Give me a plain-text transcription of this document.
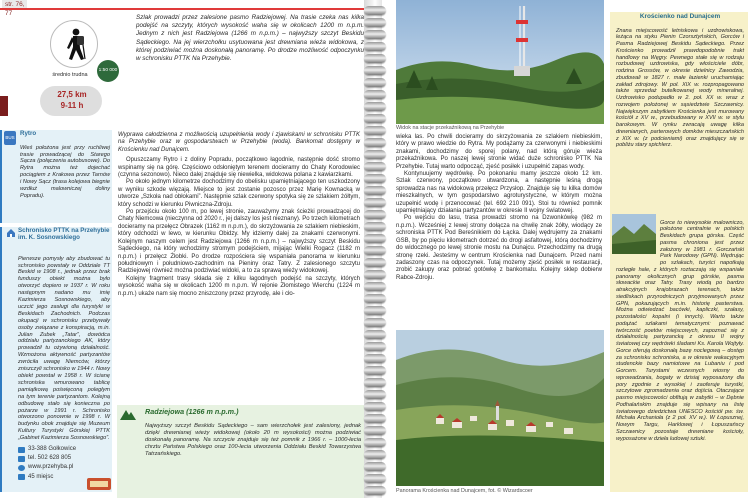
str. 76, 77
średnio trudna
1:50 000
27,5 km
9-11 h

Szlak prowadzi przez zalesione pasmo Radziejowej. Na trasie czeka nas kilka podejść na szczyty, których wysokość waha się w okolicach 1200 m n.p.m. Jednym z nich jest Radziejowa (1266 m n.p.m.) – najwyższy szczyt Beskidu Sądeckiego. Na jej wierzchołku usytuowana jest drewniana wieża widokowa, z której podziwiać można doskonałą panoramę. Po drodze możliwość odpoczynku w schronisku PTTK Na Przehybie.

BUS
Rytro

Wieś położona jest przy ruchliwej trasie prowadzącej do Starego Sącza (połączenia autobusowe). Do Rytra można też dojechać pociągiem z Krakowa przez Tarnów i Nowy Sącz (trasa kolejowa biegnie wzdłuż malowniczej doliny Popradu).

Schronisko PTTK na Przehybie im. K. Sosnowskiego

Pierwsze pomysły aby zbudować tu schronisko powstały w Oddziale TT Beskid w 1908 r., jednak przez brak funduszy obiekt można było otworzyć dopiero w 1937 r. W roku następnym nadano mu imię Kazimierza Sosnowskiego, aby uczcić jego zasługi dla turystyki w Beskidach Zachodnich. Podczas okupacji w schronisku przebywały osoby związane z konspiracją, m.in. Julian Zubek „Tatar”, dowódca oddziału partyzanckiego AK, który prowadził tu ożywioną działalność. Wzmożona aktywność partyzantów zwróciła uwagę Niemców, którzy zniszczyli schronisko w 1944 r. Nowy obiekt powstał w 1958 r. W ścianę schroniska wmurowano tablicę pamiątkową poświęconą poległym na tym terenie partyzantom. Kolejną odbudowę stało się konieczna po pożarze w 1991 r. Schronisko otworzono ponownie w 1998 r. W budynku obok znajduje się Muzeum Kultury Turystyki Górskiej PTTK „Gabinet Kazimierza Sosnowskiego”.

33-388 Gołkowice
tel. 502 628 805
www.przehyba.pl
45 miejsc

Wyprawa całodzienna z możliwością uzupełnienia wody i zjawiskami w schronisku PTTK na Przehybie oraz w gospodarstwach w Przehybie (woda). Bankomat dostępny w Krościenku nad Dunajcem.

Opuszczamy Rytro i z doliny Popradu, początkowo łagodnie, następnie dość stromo wspinamy się na górę. Częściowo odsłoniętym terenem docieramy do Chaty Korodowiec (czynna sezonowo). Nieco dalej znajduje się niewielka, widokowa polana z kawiarzkami.

Po około jednym kilometrze dochodzimy do obelisku upamiętniającego ten uszkodzony w wyniku szkode więzają. Miejsce to jest zostanie pozosco przez Marię Kownacką w utworze „Szkoła nad obłokami”. Następnie szlak czerwony spotyka się ze szlakiem żółtym, który schodzi w kierunku Piwniczna-Zdroju.

Po przejściu około 100 m, po lewej stronie, zauważymy znak ścieżki prowadzącej do Chaty Niemcowa (nieczynna od 2020 r., jej dalszy los jest nieznany). Po trzech kilometrach docieramy na przełęcz Obrazek (1162 m n.p.m.), do skrzyżowania ze szlakiem niebieskim, który odchodzi w lewo, w kierunku Obidzy. My idziemy dalej za znakami czerwonymi. Kolejnym naszym celem jest Radziejowa (1266 m n.p.m.) – najwyższy szczyt Beskidu Sądeckiego, na który wchodzimy stromym podejściem, mijając Wielki Rogacz (1182 m n.p.m.) i przełęcz Żłobki. Po drodze rozpościera się wspaniała panorama w kierunku południowym i południowo-zachodnim na Pieniny oraz Tatry. Z zalesionego szczytu Radziejowej również można podziwiać widoki, a to za sprawą wieży widokowej.

Kolejny fragment trasy składa się z kilku łagodnych podejść na szczyty, których wysokość waha się w okolicach 1200 m n.p.m. W rejonie Złomistego Wierchu (1224 m n.p.m.) ukaże nam się mocno zniszczony przez przyrodę, ale i cło-

Radziejowa (1266 m n.p.m.)

Najwyższy szczyt Beskidu Sądeckiego – sam wierzchołek jest zalesiony, jednak dzięki drewnianej wieży widokowej (około 20 m wysokości) można podziwiać doskonałą panoramę. Na szczycie znajduje się też pomnik z 1966 r. – 1000-lecia chrztu Państwa Polskiego oraz 100-lecia utworzenia Oddziału Beskid Towarzystwa Tatrzańskiego.

Widok na stacje przekaźnikową na Przehybie

wieka las. Po chwili docieramy do skrzyżowania ze szlakiem niebieskim, który w prawo wiedzie do Rytra. My podążamy za czerwonymi i niebieskimi znakami, dochodzimy do sporej polany, nad którą góruje wieża przekaźnikowa. Po naszej lewej stronie widać duże schronisko PTTK Na Przehybie. Tutaj warto odpocząć, zjeść posiłek i uzupełnić zapas wody.

Kontynuujemy wędrówkę. Po pokonaniu mamy jeszcze około 12 km. Szlak czerwony, początkowo utwardzona, a następnie leśną drogą sprowadza nas na widokową przełęcz Przysłop. Znajduje się tu kilka domów mieszkalnych, w tym gospodarstwo agroturystyczne, w którym można uzupełnić wodę i przenocować (tel. 692 210 091). Stoi tu również pomnik upamiętniający działania partyzantów w okresie II wojny światowej.

Po wejściu do lasu, trasa prowadzi stromo na Dzwonkówkę (982 m n.p.m.). Wcześniej z lewej strony dołącza na chwilę znak żółty, wiodący ze schroniska PTTK Pod Bereśnikiem do Łącka. Dalej wędrujemy za znakami GSB, by po pięciu kilometrach dotrzeć do drogi asfaltowej, którą dochodzimy do widocznego po lewej stronie mostu na Dunajcu. Przechodzimy na drugą stronę rzeki. Jesteśmy w centrum Krościenka nad Dunajcem. Przed nami zadaszony czas na odpoczynek. Tutaj możemy zjeść posiłek w restauracji, zrobić zakupy oraz pobrać gotówkę z bankomatu. Kolejny sklep dobierw Rabce-Zdroju.

Panorama Krościenka nad Dunajcem, fot. © Wizardscoer
Krościenko nad Dunajcem

Znana miejscowość letniskowa i uzdrowiskowa, leżąca na styku Pienin Czorsztyńskich, Gorców i Pasma Radziejowej Beskidu Sądeckiego. Przez Krościenko prowadził prawdopodobnie trakt handlowy na Węgry. Pewnego stałe się w rodzaju rozbudowej uzdrowiska, gdy włościciele dóbr, rodzina Grossów, w okresie dzielnicy Zawodzia, zbudowali w 1827 r. małe łazienki uruchamiając zakład zdrojowy. W poł. XIX w. rozpropagowano także sprzedaż butelkowanej wody mineralnej. Uzdrowisko podupadło w 2. poł. XX w. wraz z rozwojem położonej w sąsiedztwie Szczawnicy. Największym zabytkiem Krościenka jest murowany kościół z XV w., przebudowany w XVII w. w stylu barokowym. W rynku zwracają uwagę kilka drewnianych, parterowych domków mieszczańskich z XIX w. (z podcieniami) oraz znajdujący się w pobliżu stary spichlerz.

Gorce to niewysokie malowniczo, położone centralnie w polskich Beskidach grupa górska. Część pasma chroniona jest przez założony w 1981 r. Gorczański Park Narodowy (GPN). Wędrując po szlakach, turyści napotkają rozległe hale, z których roztaczają się wspaniałe panoramy okolicznych grup górskie, pasma słowackie oraz Tatry. Trasy wiodą po bardzo atrakcyjnych krajobrazach terenach, także siedliskach przyrodniczych przyjmowanych przez GPN, pokazujących m.in. historię pasterstwa. Można odwiedzać bacówki, kapliczki, szałasy, pozostałości kopalni (i innych). Warto także podążać szlakami tematycznymi: poznawać twórczość poetów miejscowych, zapoznać się z działalnością partyzancką z okresu II wojny światowej czy wędrówki śladami Ks. Karola Wojtyły. Gorce oferują doskonałą bazę noclegową – dostęp za schronisku schroniska, a w okresie wakacyjnym studenckie bazy namiotowe na Lubaniu i pod Gorcem. Turystami wczesnych wiosny do wprowadzania, bogaty w dzisiaj wyposażony dla pory zgodnie z wysokiej i zaoferuje turystki, szczytowe zgromadzenia oraz dojścia. Otaczające pasmo miejscowości obfitują w zabytki – w Dębnie Podhalańskim znajduje się wpisany na listę światowego dziedzictwa UNESCO kościół pw. św. Michała Archanioła (z 2 poł. XV w.). W Łopusznej, Nowym Targu, Harklowej i Łopuszańscy Szczawnicy pozostaje drewniane kościoły, wyposażone w dzieła ludowej sztuki.
